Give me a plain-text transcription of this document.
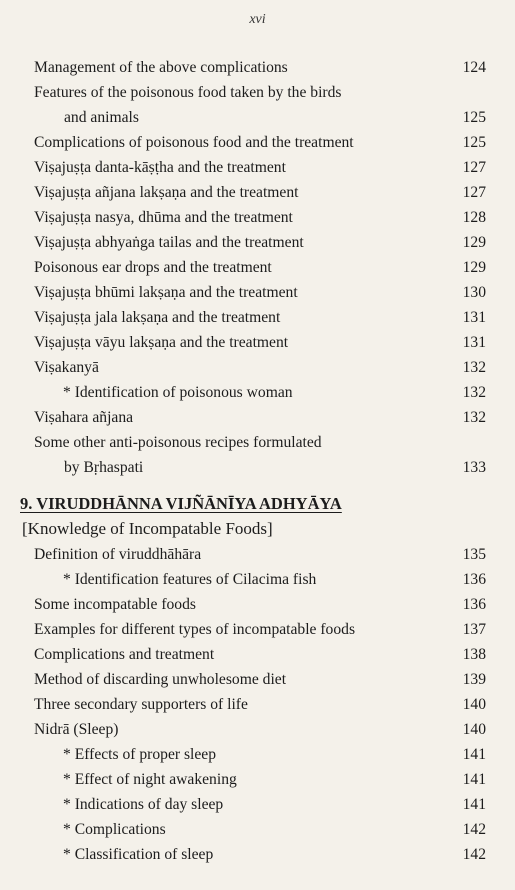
xvi
Management of the above complications	124
Features of the poisonous food taken by the birds
and animals	125
Complications of poisonous food and the treatment	125
Viṣajuṣṭa danta-kāṣṭha and the treatment	127
Viṣajuṣṭa añjana lakṣaṇa and the treatment	127
Viṣajuṣṭa nasya, dhūma and the treatment	128
Viṣajuṣṭa abhyaṅga tailas and the treatment	129
Poisonous ear drops and the treatment	129
Viṣajuṣṭa bhūmi lakṣaṇa and the treatment	130
Viṣajuṣṭa jala lakṣaṇa and the treatment	131
Viṣajuṣṭa vāyu lakṣaṇa and the treatment	131
Viṣakanyā	132
* Identification of poisonous woman	132
Viṣahara añjana	132
Some other anti-poisonous recipes formulated
by Bṛhaspati	133
9. VIRUDDHĀNNA VIJÑĀNĪYA ADHYĀYA
[Knowledge of Incompatable Foods]
Definition of viruddhāhāra	135
* Identification features of Cilacima fish	136
Some incompatable foods	136
Examples for different types of incompatable foods	137
Complications and treatment	138
Method of discarding unwholesome diet	139
Three secondary supporters of life	140
Nidrā (Sleep)	140
* Effects of proper sleep	141
* Effect of night awakening	141
* Indications of day sleep	141
* Complications	142
* Classification of sleep	142
